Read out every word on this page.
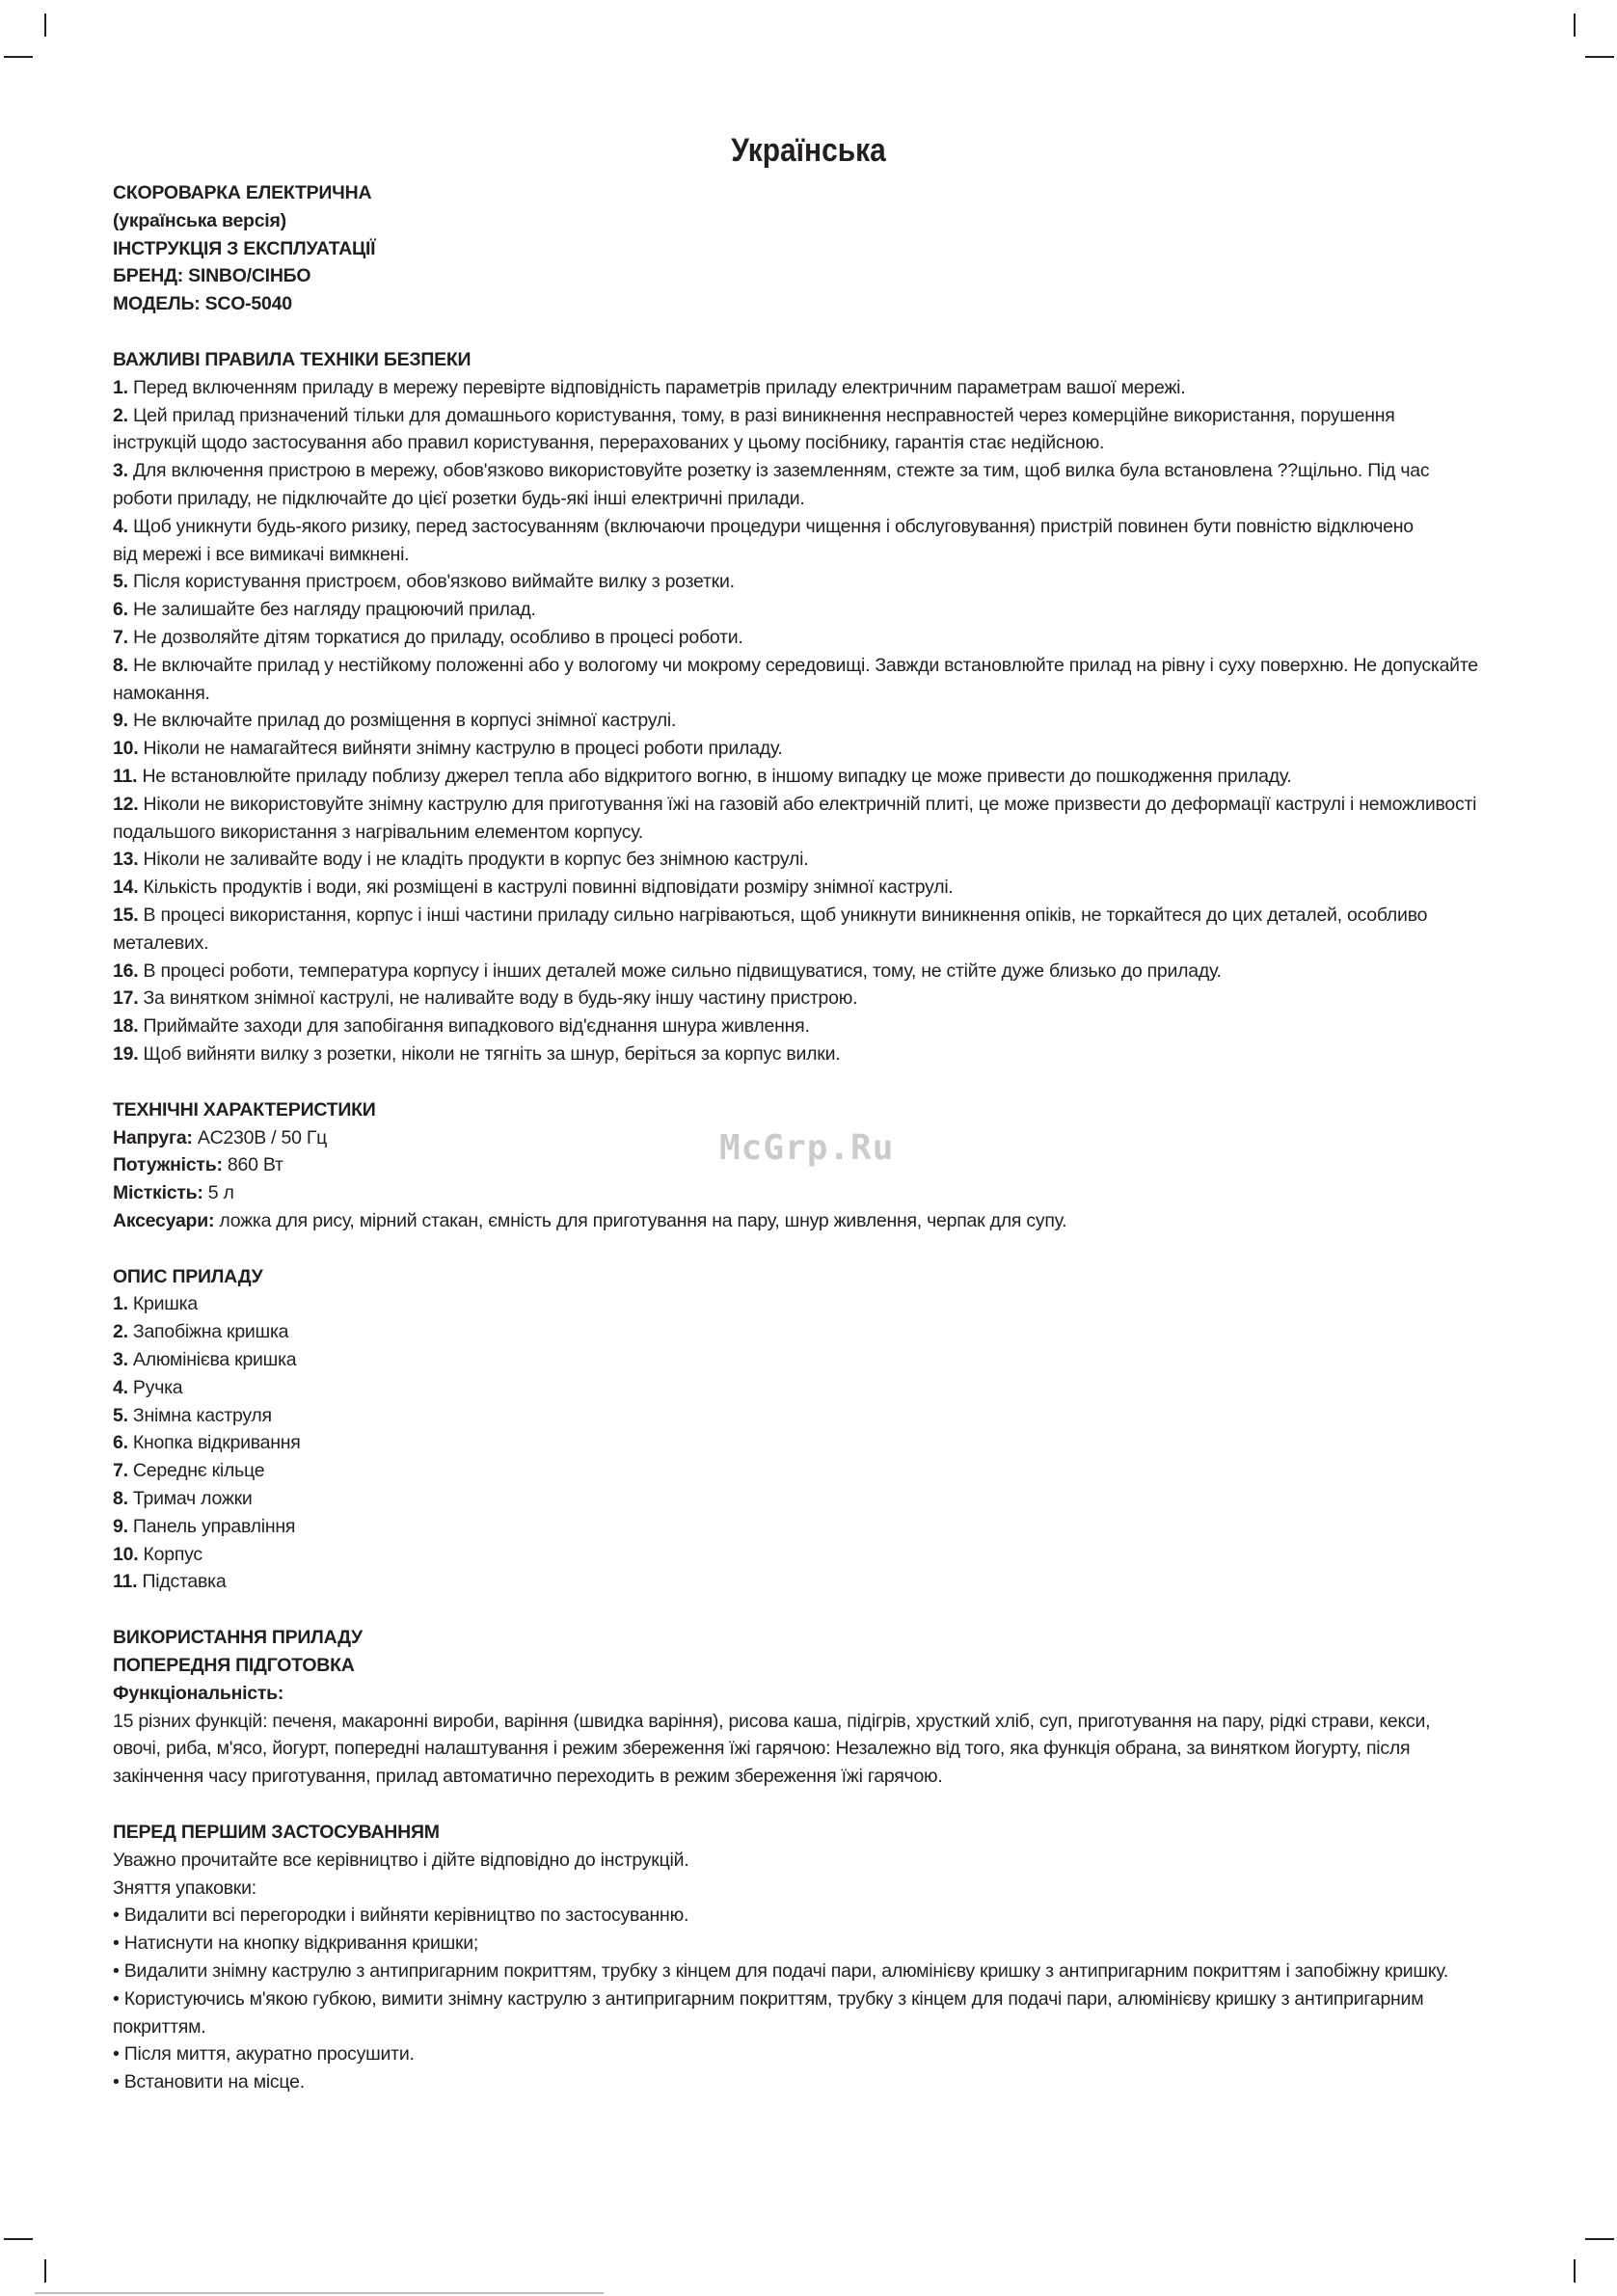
Українська
СКОРОВАРКА ЕЛЕКТРИЧНА
(українська версія)
ІНСТРУКЦІЯ З ЕКСПЛУАТАЦІЇ
БРЕНД: SINBO/СІНБО
МОДЕЛЬ: SCO-5040
ВАЖЛИВІ ПРАВИЛА ТЕХНІКИ БЕЗПЕКИ
1. Перед включенням приладу в мережу перевірте відповідність параметрів приладу електричним параметрам вашої мережі.
2. Цей прилад призначений тільки для домашнього користування, тому, в разі виникнення несправностей через комерційне використання, порушення
інструкцій щодо застосування або правил користування, перерахованих у цьому посібнику, гарантія стає недійсною.
3. Для включення пристрою в мережу, обов'язково використовуйте розетку із заземленням, стежте за тим, щоб вилка була встановлена ??щільно. Під час
роботи приладу, не підключайте до цієї розетки будь-які інші електричні прилади.
4. Щоб уникнути будь-якого ризику, перед застосуванням (включаючи процедури чищення і обслуговування) пристрій повинен бути повністю відключено
від мережі і все вимикачі вимкнені.
5. Після користування пристроєм, обов'язково виймайте вилку з розетки.
6. Не залишайте без нагляду працюючий прилад.
7. Не дозволяйте дітям торкатися до приладу, особливо в процесі роботи.
8. Не включайте прилад у нестійкому положенні або у вологому чи мокрому середовищі. Завжди встановлюйте прилад на рівну і суху поверхню. Не допускайте
намокання.
9. Не включайте прилад до розміщення в корпусі знімної каструлі.
10. Ніколи не намагайтеся вийняти знімну каструлю в процесі роботи приладу.
11. Не встановлюйте приладу поблизу джерел тепла або відкритого вогню, в іншому випадку це може привести до пошкодження приладу.
12. Ніколи не використовуйте знімну каструлю для приготування їжі на газовій або електричній плиті, це може призвести до деформації каструлі і неможливості
подальшого використання з нагрівальним елементом корпусу.
13. Ніколи не заливайте воду і не кладіть продукти в корпус без знімною каструлі.
14. Кількість продуктів і води, які розміщені в каструлі повинні відповідати розміру знімної каструлі.
15. В процесі використання, корпус і інші частини приладу сильно нагріваються, щоб уникнути виникнення опіків, не торкайтеся до цих деталей, особливо
металевих.
16. В процесі роботи, температура корпусу і інших деталей може сильно підвищуватися, тому, не стійте дуже близько до приладу.
17. За винятком знімної каструлі, не наливайте воду в будь-яку іншу частину пристрою.
18. Приймайте заходи для запобігання випадкового від'єднання шнура живлення.
19. Щоб вийняти вилку з розетки, ніколи не тягніть за шнур, беріться за корпус вилки.
ТЕХНІЧНІ ХАРАКТЕРИСТИКИ
Напруга: AC230В / 50 Гц
Потужність: 860 Вт
Місткість: 5 л
Аксесуари: ложка для рису, мірний стакан, ємність для приготування на пару, шнур живлення, черпак для супу.
ОПИС ПРИЛАДУ
1. Кришка
2. Запобіжна кришка
3. Алюмінієва кришка
4. Ручка
5. Знімна каструля
6. Кнопка відкривання
7. Середнє кільце
8. Тримач ложки
9. Панель управління
10. Корпус
11. Підставка
ВИКОРИСТАННЯ ПРИЛАДУ
ПОПЕРЕДНЯ ПІДГОТОВКА
Функціональність:
15 різних функцій: печеня, макаронні вироби, варіння (швидка варіння), рисова каша, підігрів, хрусткий хліб, суп, приготування на пару, рідкі страви, кекси,
овочі, риба, м'ясо, йогурт, попередні налаштування і режим збереження їжі гарячою: Незалежно від того, яка функція обрана, за винятком йогурту, після
закінчення часу приготування, прилад автоматично переходить в режим збереження їжі гарячою.
ПЕРЕД ПЕРШИМ ЗАСТОСУВАННЯМ
Уважно прочитайте все керівництво і дійте відповідно до інструкцій.
Зняття упаковки:
• Видалити всі перегородки і вийняти керівництво по застосуванню.
• Натиснути на кнопку відкривання кришки;
• Видалити знімну каструлю з антипригарним покриттям, трубку з кінцем для подачі пари, алюмінієву кришку з антипригарним покриттям і запобіжну кришку.
• Користуючись м'якою губкою, вимити знімну каструлю з антипригарним покриттям, трубку з кінцем для подачі пари, алюмінієву кришку з антипригарним
покриттям.
• Після миття, акуратно просушити.
• Встановити на місце.
McGrp.Ru
